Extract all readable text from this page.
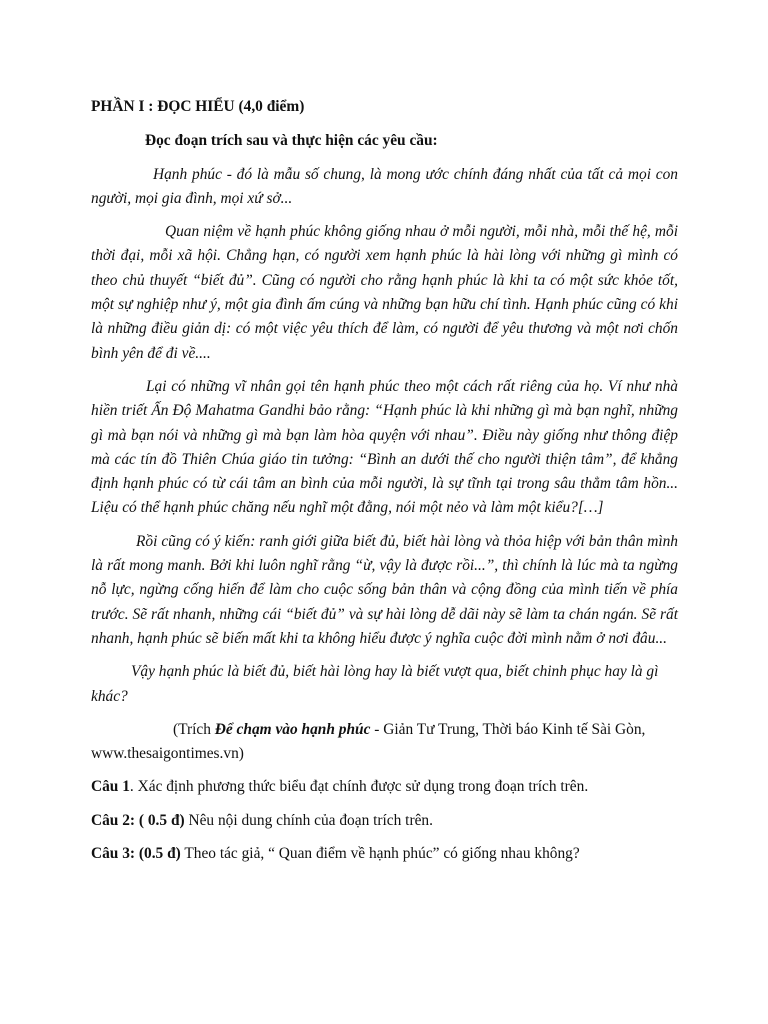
PHẦN I : ĐỌC HIỂU (4,0 điểm)

Đọc đoạn trích sau và thực hiện các yêu cầu:

Hạnh phúc - đó là mẫu số chung, là mong ước chính đáng nhất của tất cả mọi con người, mọi gia đình, mọi xứ sở...

Quan niệm về hạnh phúc không giống nhau ở mỗi người, mỗi nhà, mỗi thế hệ, mỗi thời đại, mỗi xã hội. Chẳng hạn, có người xem hạnh phúc là hài lòng với những gì mình có theo chủ thuyết “biết đủ”. Cũng có người cho rằng hạnh phúc là khi ta có một sức khỏe tốt, một sự nghiệp như ý, một gia đình ấm cúng và những bạn hữu chí tình. Hạnh phúc cũng có khi là những điều giản dị: có một việc yêu thích để làm, có người để yêu thương và một nơi chốn bình yên để đi về....

Lại có những vĩ nhân gọi tên hạnh phúc theo một cách rất riêng của họ. Ví như nhà hiền triết Ấn Độ Mahatma Gandhi bảo rằng: “Hạnh phúc là khi những gì mà bạn nghĩ, những gì mà bạn nói và những gì mà bạn làm hòa quyện với nhau”. Điều này giống như thông điệp mà các tín đồ Thiên Chúa giáo tin tưởng: “Bình an dưới thế cho người thiện tâm”, để khẳng định hạnh phúc có từ cái tâm an bình của mỗi người, là sự tĩnh tại trong sâu thẳm tâm hồn... Liệu có thể hạnh phúc chăng nếu nghĩ một đằng, nói một nẻo và làm một kiểu?[…]

Rồi cũng có ý kiến: ranh giới giữa biết đủ, biết hài lòng và thỏa hiệp với bản thân mình là rất mong manh. Bởi khi luôn nghĩ rằng “ừ, vậy là được rồi...”, thì chính là lúc mà ta ngừng nỗ lực, ngừng cống hiến để làm cho cuộc sống bản thân và cộng đồng của mình tiến về phía trước. Sẽ rất nhanh, những cái “biết đủ” và sự hài lòng dễ dãi này sẽ làm ta chán ngán. Sẽ rất nhanh, hạnh phúc sẽ biến mất khi ta không hiểu được ý nghĩa cuộc đời mình nằm ở nơi đâu...

Vậy hạnh phúc là biết đủ, biết hài lòng hay là biết vượt qua, biết chinh phục hay là gì khác?

(Trích Để chạm vào hạnh phúc - Giản Tư Trung, Thời báo Kinh tế Sài Gòn,
www.thesaigontimes.vn)

Câu 1. Xác định phương thức biểu đạt chính được sử dụng trong đoạn trích trên.

Câu 2: ( 0.5 đ) Nêu nội dung chính của đoạn trích trên.

Câu 3: (0.5 đ) Theo tác giả, “ Quan điểm về hạnh phúc” có giống nhau không?
